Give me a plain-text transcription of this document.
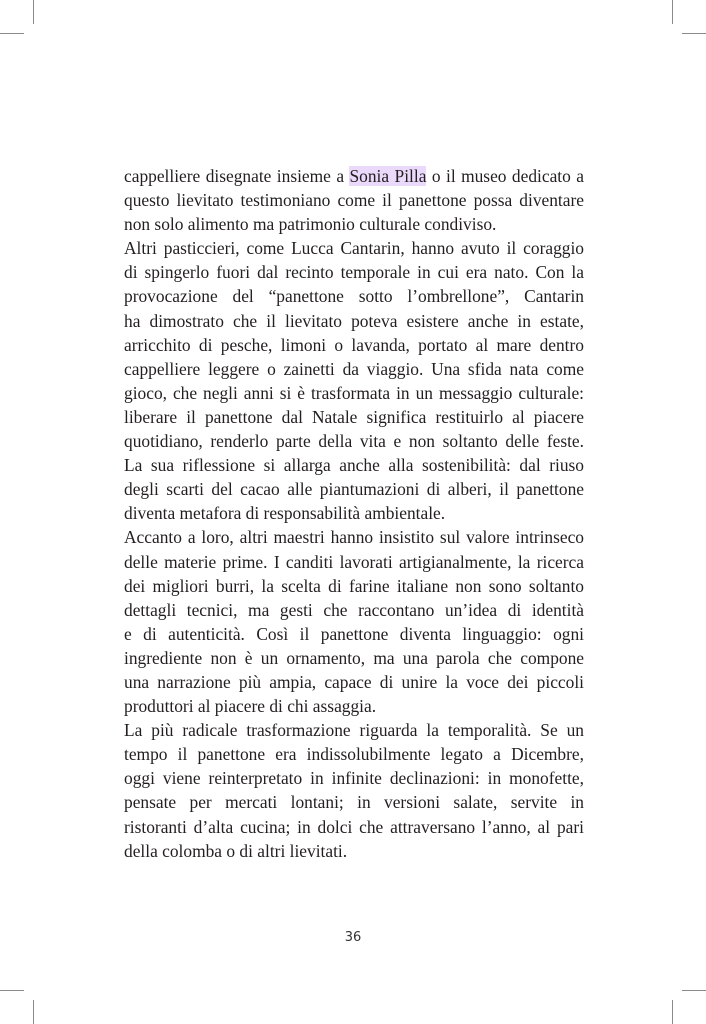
cappelliere disegnate insieme a Sonia Pilla o il museo dedicato a
questo lievitato testimoniano come il panettone possa diventare
non solo alimento ma patrimonio culturale condiviso.
Altri pasticcieri, come Lucca Cantarin, hanno avuto il coraggio
di spingerlo fuori dal recinto temporale in cui era nato. Con la
provocazione del “panettone sotto l’ombrellone”, Cantarin
ha dimostrato che il lievitato poteva esistere anche in estate,
arricchito di pesche, limoni o lavanda, portato al mare dentro
cappelliere leggere o zainetti da viaggio. Una sfida nata come
gioco, che negli anni si è trasformata in un messaggio culturale:
liberare il panettone dal Natale significa restituirlo al piacere
quotidiano, renderlo parte della vita e non soltanto delle feste.
La sua riflessione si allarga anche alla sostenibilità: dal riuso
degli scarti del cacao alle piantumazioni di alberi, il panettone
diventa metafora di responsabilità ambientale.
Accanto a loro, altri maestri hanno insistito sul valore intrinseco
delle materie prime. I canditi lavorati artigianalmente, la ricerca
dei migliori burri, la scelta di farine italiane non sono soltanto
dettagli tecnici, ma gesti che raccontano un’idea di identità
e di autenticità. Così il panettone diventa linguaggio: ogni
ingrediente non è un ornamento, ma una parola che compone
una narrazione più ampia, capace di unire la voce dei piccoli
produttori al piacere di chi assaggia.
La più radicale trasformazione riguarda la temporalità. Se un
tempo il panettone era indissolubilmente legato a Dicembre,
oggi viene reinterpretato in infinite declinazioni: in monofette,
pensate per mercati lontani; in versioni salate, servite in
ristoranti d’alta cucina; in dolci che attraversano l’anno, al pari
della colomba o di altri lievitati.
36
